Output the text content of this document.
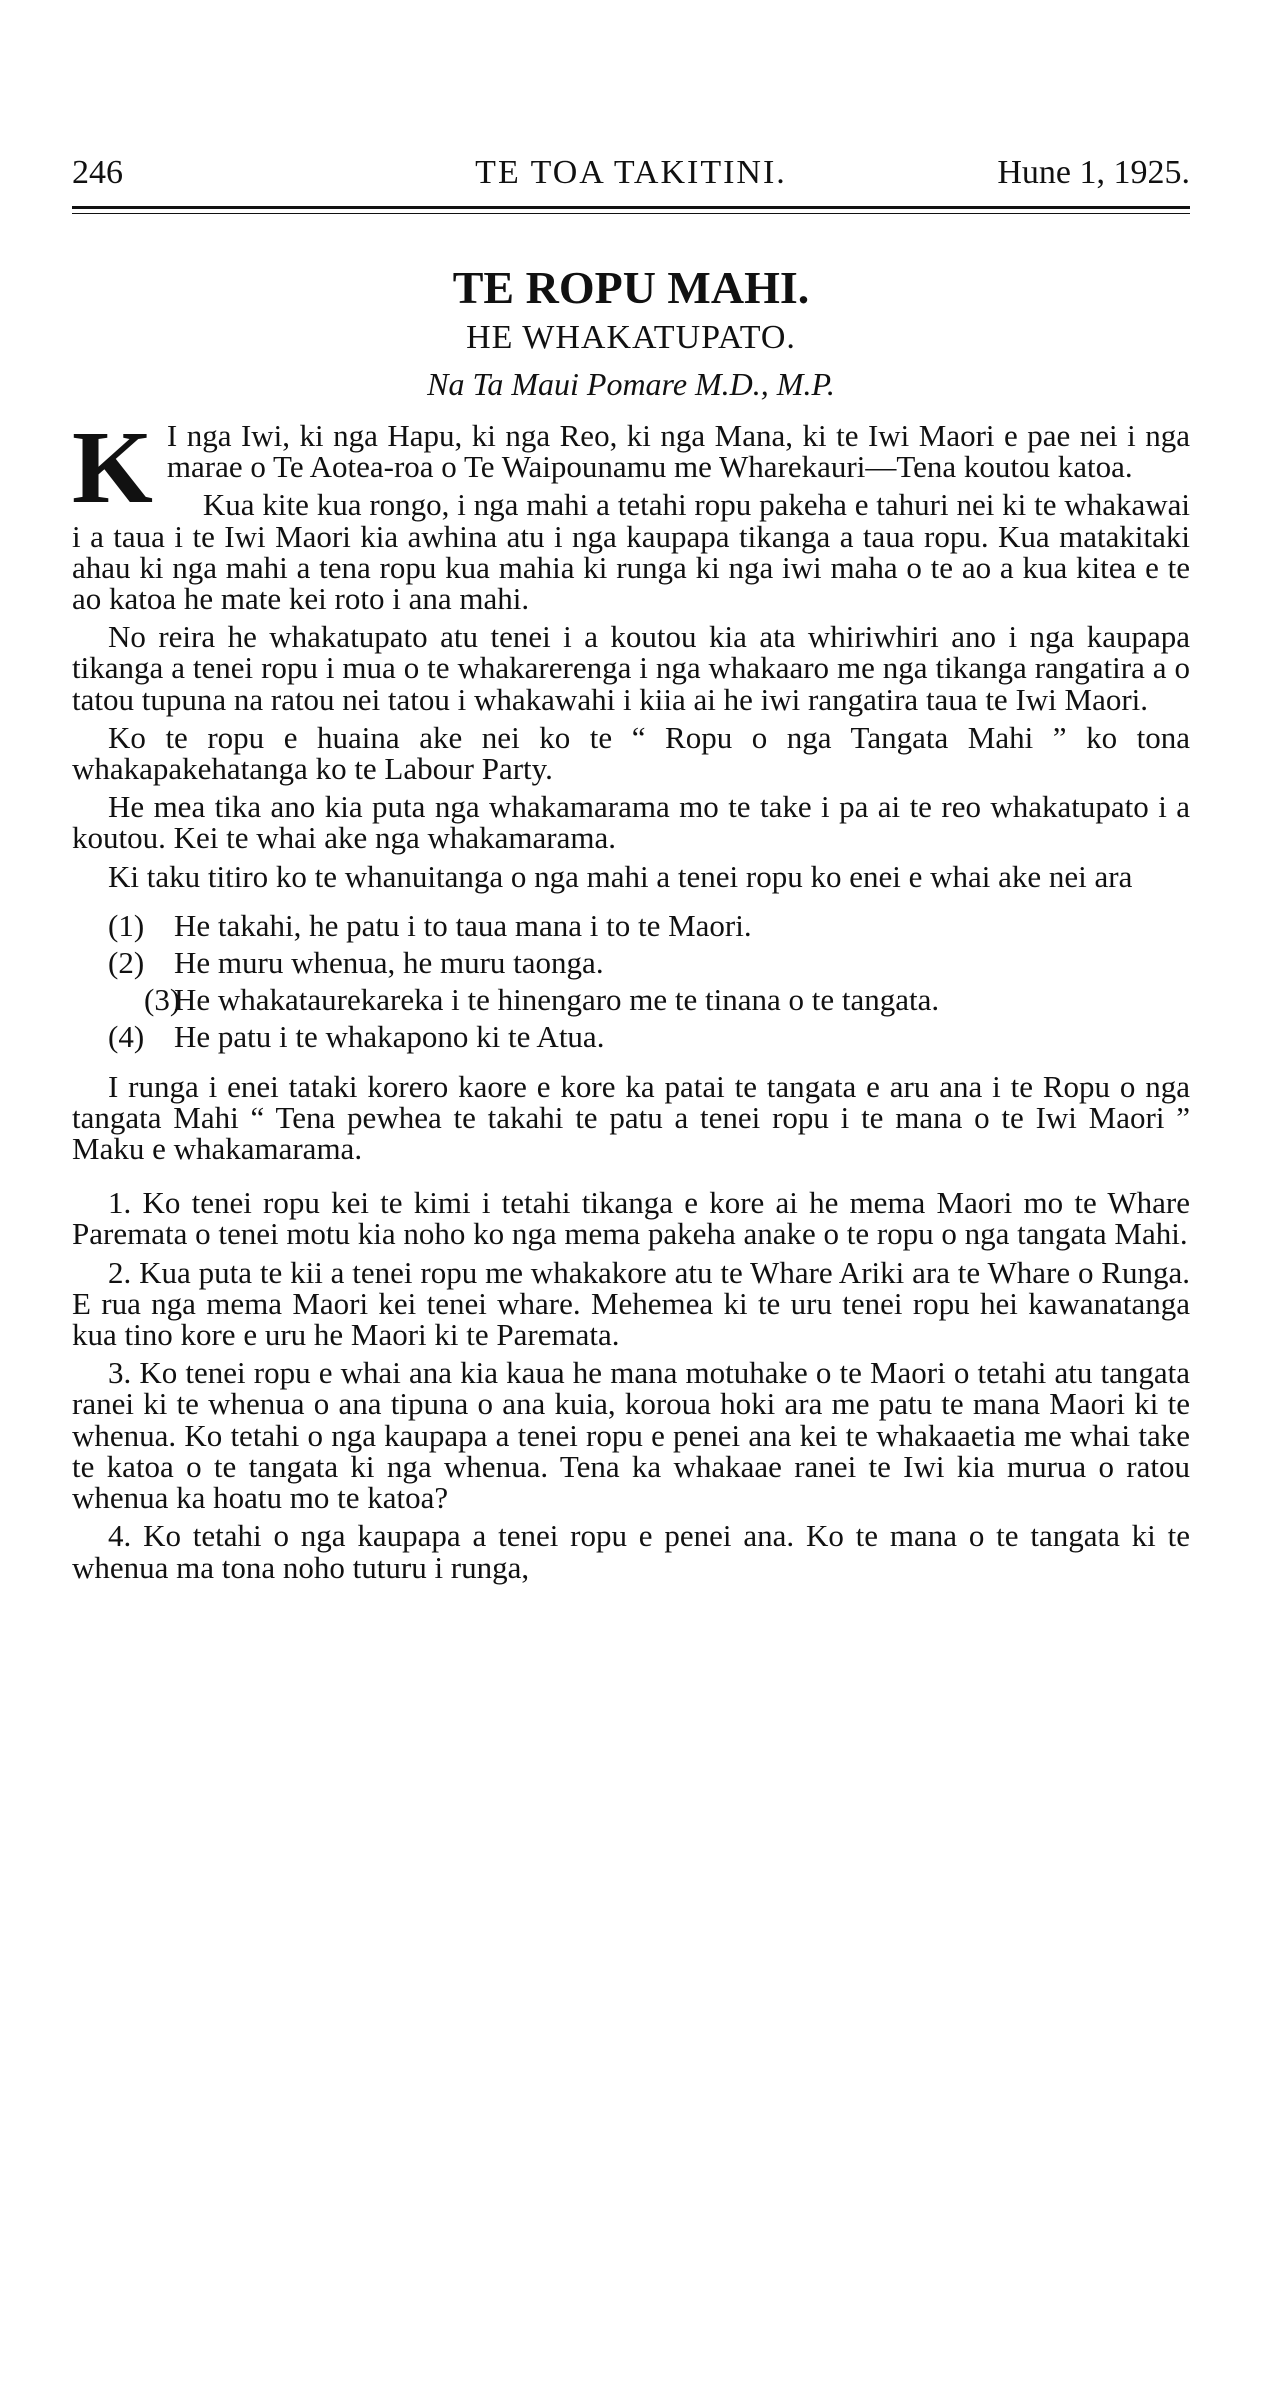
246	TE TOA TAKITINI.	Hune 1, 1925.
TE ROPU MAHI.

HE WHAKATUPATO.

Na Ta Maui Pomare M.D., M.P.

K I nga Iwi, ki nga Hapu, ki nga Reo, ki nga Mana, ki te Iwi Maori e pae nei i nga marae o Te Aotea-roa o Te Waipounamu me Wharekauri—Tena koutou katoa.

Kua kite kua rongo, i nga mahi a tetahi ropu pakeha e tahuri nei ki te whakawai i a taua i te Iwi Maori kia awhina atu i nga kaupapa tikanga a taua ropu. Kua matakitaki ahau ki nga mahi a tena ropu kua mahia ki runga ki nga iwi maha o te ao a kua kitea e te ao katoa he mate kei roto i ana mahi.

No reira he whakatupato atu tenei i a koutou kia ata whiriwhiri ano i nga kaupapa tikanga a tenei ropu i mua o te whakarerenga i nga whakaaro me nga tikanga rangatira a o tatou tupuna na ratou nei tatou i whakawahi i kiia ai he iwi rangatira taua te Iwi Maori.

Ko te ropu e huaina ake nei ko te “ Ropu o nga Tangata Mahi ” ko tona whakapakehatanga ko te Labour Party.

He mea tika ano kia puta nga whakamarama mo te take i pa ai te reo whakatupato i a koutou. Kei te whai ake nga whakamarama.

Ki taku titiro ko te whanuitanga o nga mahi a tenei ropu ko enei e whai ake nei ara

(1) He takahi, he patu i to taua mana i to te Maori.

(2) He muru whenua, he muru taonga.

(3)He whakataurekareka i te hinengaro me te tinana o te tangata.

(4) He patu i te whakapono ki te Atua.

I runga i enei tataki korero kaore e kore ka patai te tangata e aru ana i te Ropu o nga tangata Mahi “ Tena pewhea te takahi te patu a tenei ropu i te mana o te Iwi Maori ” Maku e whakamarama.

1. Ko tenei ropu kei te kimi i tetahi tikanga e kore ai he mema Maori mo te Whare Paremata o tenei motu kia noho ko nga mema pakeha anake o te ropu o nga tangata Mahi.

2. Kua puta te kii a tenei ropu me whakakore atu te Whare Ariki ara te Whare o Runga. E rua nga mema Maori kei tenei whare. Mehemea ki te uru tenei ropu hei kawanatanga kua tino kore e uru he Maori ki te Paremata.

3. Ko tenei ropu e whai ana kia kaua he mana motuhake o te Maori o tetahi atu tangata ranei ki te whenua o ana tipuna o ana kuia, koroua hoki ara me patu te mana Maori ki te whenua. Ko tetahi o nga kaupapa a tenei ropu e penei ana kei te whakaaetia me whai take te katoa o te tangata ki nga whenua. Tena ka whakaae ranei te Iwi kia murua o ratou whenua ka hoatu mo te katoa?

4. Ko tetahi o nga kaupapa a tenei ropu e penei ana. Ko te mana o te tangata ki te whenua ma tona noho tuturu i runga,
